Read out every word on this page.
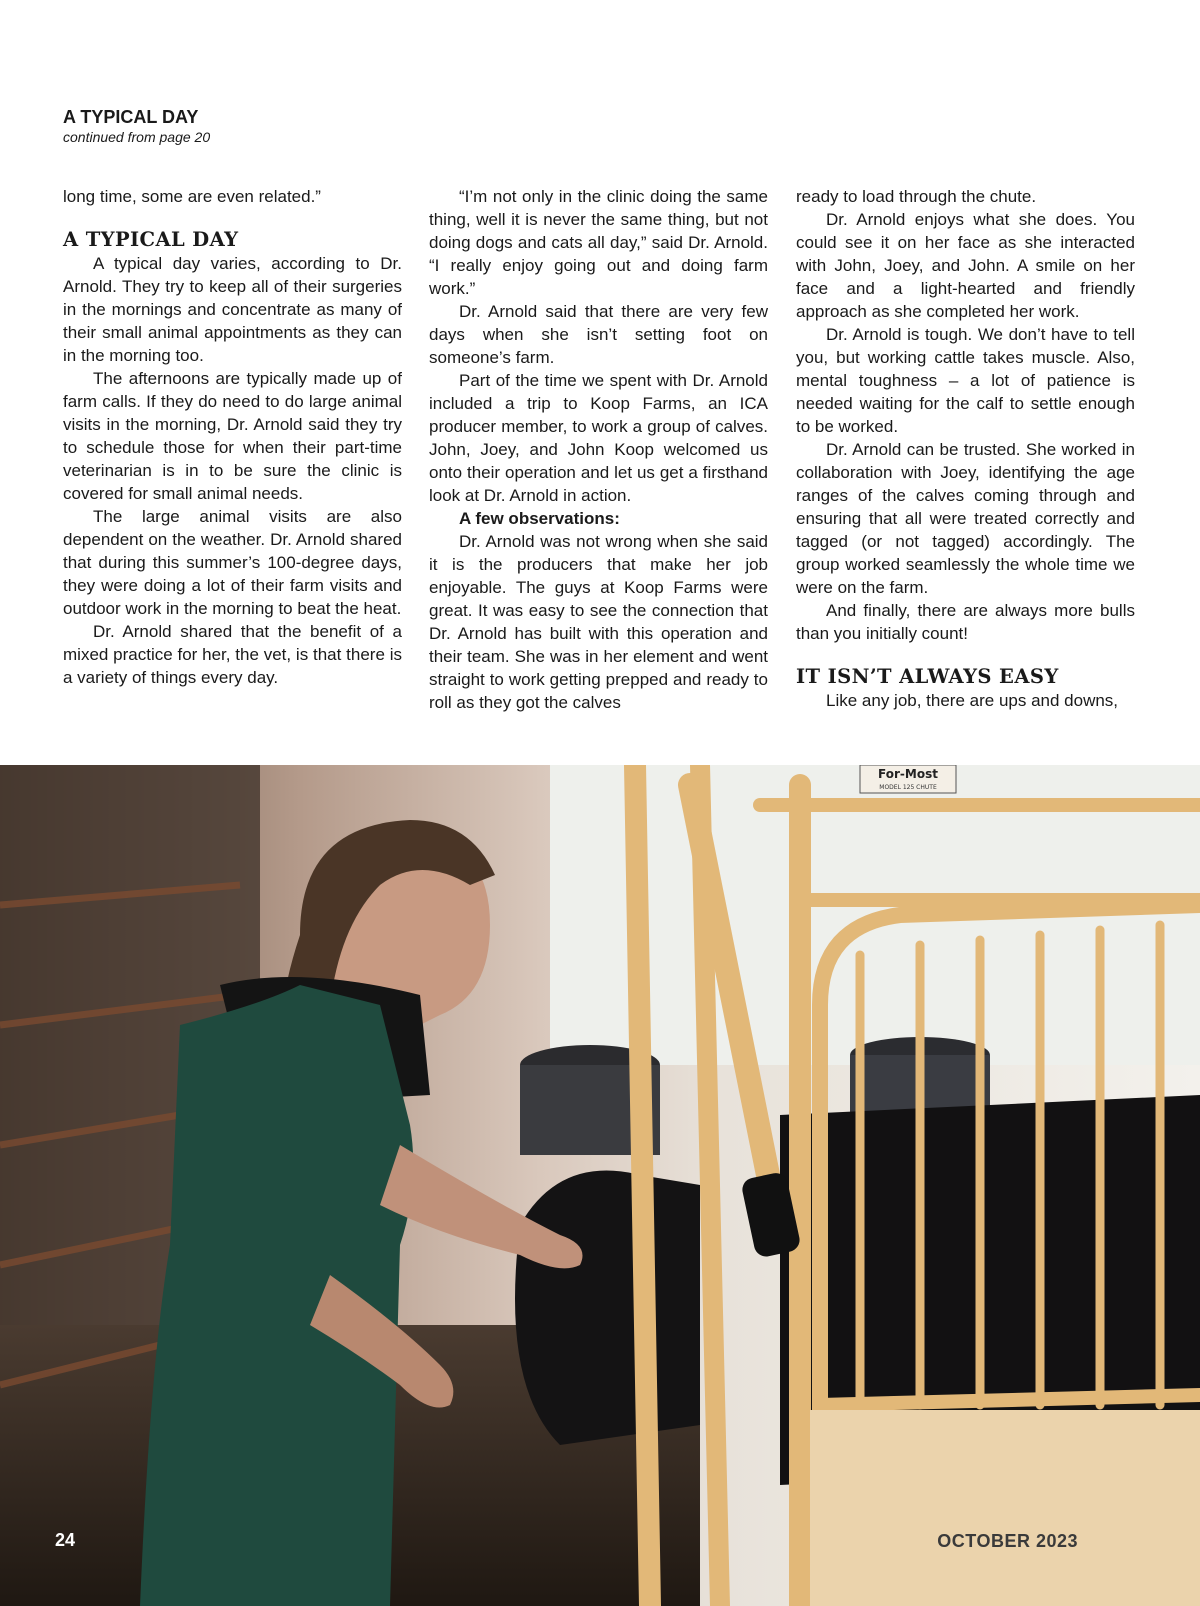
A TYPICAL DAY

continued from page 20

long time, some are even related.”

A TYPICAL DAY

A typical day varies, according to Dr. Arnold. They try to keep all of their surgeries in the mornings and concentrate as many of their small animal appointments as they can in the morning too.

The afternoons are typically made up of farm calls. If they do need to do large animal visits in the morning, Dr. Arnold said they try to schedule those for when their part-time veterinarian is in to be sure the clinic is covered for small animal needs.

The large animal visits are also dependent on the weather. Dr. Arnold shared that during this summer’s 100-degree days, they were doing a lot of their farm visits and outdoor work in the morning to beat the heat.

Dr. Arnold shared that the benefit of a mixed practice for her, the vet, is that there is a variety of things every day.

“I’m not only in the clinic doing the same thing, well it is never the same thing, but not doing dogs and cats all day,” said Dr. Arnold. “I really enjoy going out and doing farm work.”

Dr. Arnold said that there are very few days when she isn’t setting foot on someone’s farm.

Part of the time we spent with Dr. Arnold included a trip to Koop Farms, an ICA producer member, to work a group of calves. John, Joey, and John Koop welcomed us onto their operation and let us get a firsthand look at Dr. Arnold in action.

A few observations:

Dr. Arnold was not wrong when she said it is the producers that make her job enjoyable. The guys at Koop Farms were great. It was easy to see the connection that Dr. Arnold has built with this operation and their team. She was in her element and went straight to work getting prepped and ready to roll as they got the calves

ready to load through the chute.

Dr. Arnold enjoys what she does. You could see it on her face as she interacted with John, Joey, and John. A smile on her face and a light-hearted and friendly approach as she completed her work.

Dr. Arnold is tough. We don’t have to tell you, but working cattle takes muscle. Also, mental toughness – a lot of patience is needed waiting for the calf to settle enough to be worked.

Dr. Arnold can be trusted. She worked in collaboration with Joey, identifying the age ranges of the calves coming through and ensuring that all were treated correctly and tagged (or not tagged) accordingly. The group worked seamlessly the whole time we were on the farm.

And finally, there are always more bulls than you initially count!

IT ISN’T ALWAYS EASY

Like any job, there are ups and downs,

For-Most
MODEL 125 CHUTE
24	OCTOBER 2023
